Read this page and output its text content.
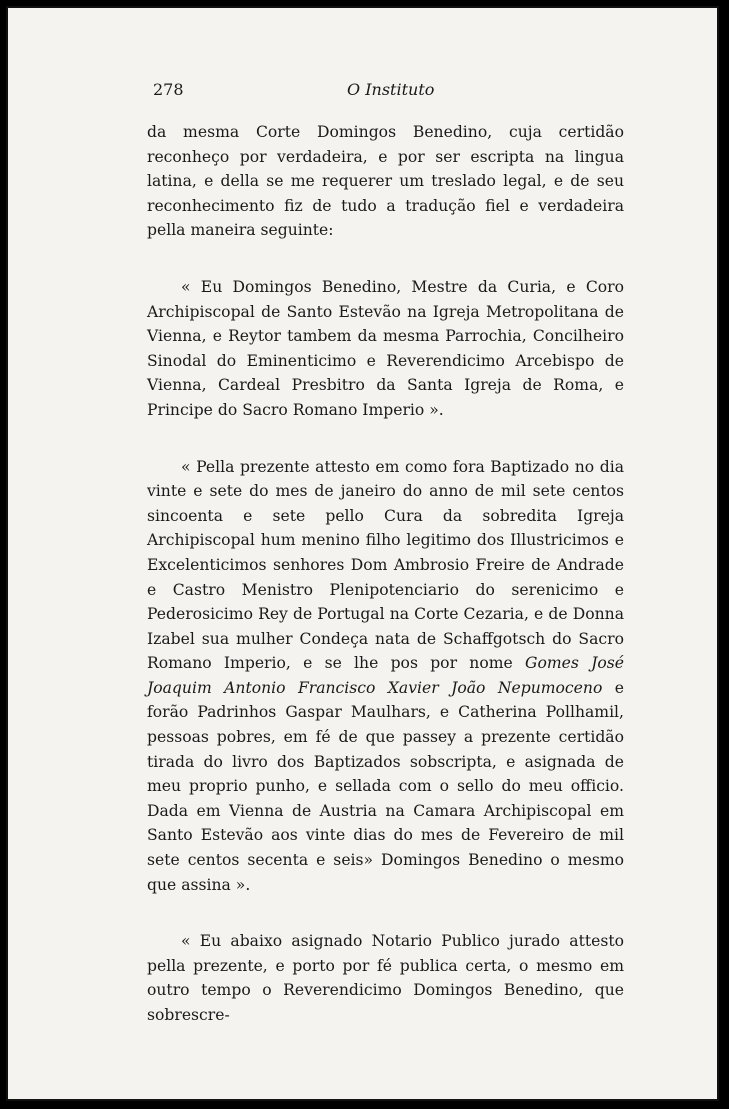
278	O Instituto

da mesma Corte Domingos Benedino, cuja certidão reconheço por verdadeira, e por ser escripta na lingua latina, e della se me requerer um treslado legal, e de seu reconhecimento fiz de tudo a tradução fiel e verdadeira pella maneira seguinte:

« Eu Domingos Benedino, Mestre da Curia, e Coro Archipiscopal de Santo Estevão na Igreja Metropolitana de Vienna, e Reytor tambem da mesma Parrochia, Concilheiro Sinodal do Eminenticimo e Reverendicimo Arcebispo de Vienna, Cardeal Presbitro da Santa Igreja de Roma, e Principe do Sacro Romano Imperio ».

« Pella prezente attesto em como fora Baptizado no dia vinte e sete do mes de janeiro do anno de mil sete centos sincoenta e sete pello Cura da sobredita Igreja Archipiscopal hum menino filho legitimo dos Illustricimos e Excelenticimos senhores Dom Ambrosio Freire de Andrade e Castro Menistro Plenipotenciario do serenicimo e Pederosicimo Rey de Portugal na Corte Cezaria, e de Donna Izabel sua mulher Condeça nata de Schaffgotsch do Sacro Romano Imperio, e se lhe pos por nome Gomes José Joaquim Antonio Francisco Xavier João Nepumoceno e forão Padrinhos Gaspar Maulhars, e Catherina Pollhamil, pessoas pobres, em fé de que passey a prezente certidão tirada do livro dos Baptizados sobscripta, e asignada de meu proprio punho, e sellada com o sello do meu officio. Dada em Vienna de Austria na Camara Archipiscopal em Santo Estevão aos vinte dias do mes de Fevereiro de mil sete centos secenta e seis» Domingos Benedino o mesmo que assina ».

« Eu abaixo asignado Notario Publico jurado attesto pella prezente, e porto por fé publica certa, o mesmo em outro tempo o Reverendicimo Domingos Benedino, que sobrescre-
